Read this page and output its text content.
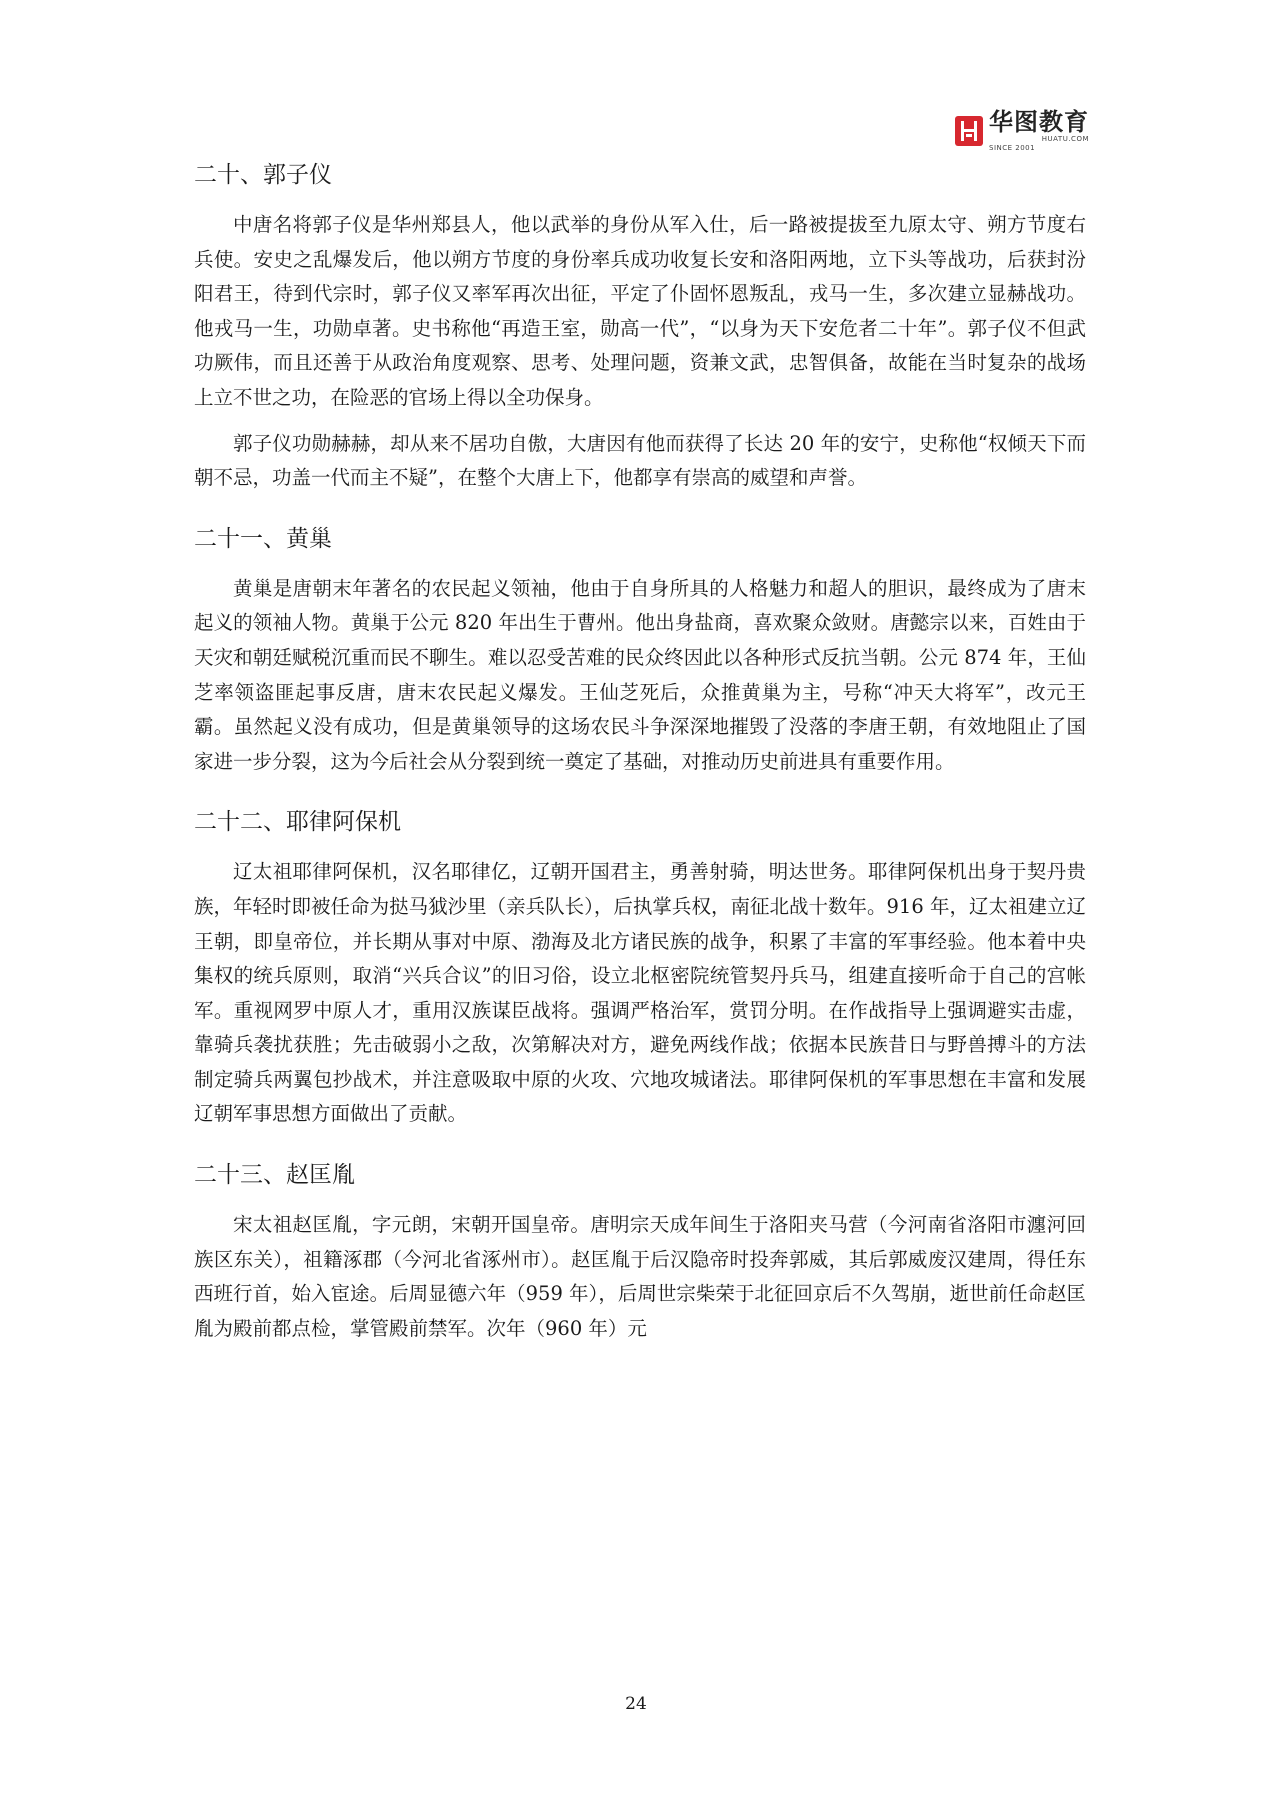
华图教育
HUATU.COM
SINCE 2001
二十、郭子仪

中唐名将郭子仪是华州郑县人，他以武举的身份从军入仕，后一路被提拔至九原太守、朔方节度右兵使。安史之乱爆发后，他以朔方节度的身份率兵成功收复长安和洛阳两地，立下头等战功，后获封汾阳君王，待到代宗时，郭子仪又率军再次出征，平定了仆固怀恩叛乱，戎马一生，多次建立显赫战功。他戎马一生，功勋卓著。史书称他“再造王室，勋高一代”，“以身为天下安危者二十年”。郭子仪不但武功厥伟，而且还善于从政治角度观察、思考、处理问题，资兼文武，忠智俱备，故能在当时复杂的战场上立不世之功，在险恶的官场上得以全功保身。

郭子仪功勋赫赫，却从来不居功自傲，大唐因有他而获得了长达 20 年的安宁，史称他“权倾天下而朝不忌，功盖一代而主不疑”，在整个大唐上下，他都享有崇高的威望和声誉。

二十一、黄巢

黄巢是唐朝末年著名的农民起义领袖，他由于自身所具的人格魅力和超人的胆识，最终成为了唐末起义的领袖人物。黄巢于公元 820 年出生于曹州。他出身盐商，喜欢聚众敛财。唐懿宗以来，百姓由于天灾和朝廷赋税沉重而民不聊生。难以忍受苦难的民众终因此以各种形式反抗当朝。公元 874 年，王仙芝率领盗匪起事反唐，唐末农民起义爆发。王仙芝死后，众推黄巢为主，号称“冲天大将军”，改元王霸。虽然起义没有成功，但是黄巢领导的这场农民斗争深深地摧毁了没落的李唐王朝，有效地阻止了国家进一步分裂，这为今后社会从分裂到统一奠定了基础，对推动历史前进具有重要作用。

二十二、耶律阿保机

辽太祖耶律阿保机，汉名耶律亿，辽朝开国君主，勇善射骑，明达世务。耶律阿保机出身于契丹贵族，年轻时即被任命为挞马狘沙里（亲兵队长），后执掌兵权，南征北战十数年。916 年，辽太祖建立辽王朝，即皇帝位，并长期从事对中原、渤海及北方诸民族的战争，积累了丰富的军事经验。他本着中央集权的统兵原则，取消“兴兵合议”的旧习俗，设立北枢密院统管契丹兵马，组建直接听命于自己的宫帐军。重视网罗中原人才，重用汉族谋臣战将。强调严格治军，赏罚分明。在作战指导上强调避实击虚，靠骑兵袭扰获胜；先击破弱小之敌，次第解决对方，避免两线作战；依据本民族昔日与野兽搏斗的方法制定骑兵两翼包抄战术，并注意吸取中原的火攻、穴地攻城诸法。耶律阿保机的军事思想在丰富和发展辽朝军事思想方面做出了贡献。

二十三、赵匡胤

宋太祖赵匡胤，字元朗，宋朝开国皇帝。唐明宗天成年间生于洛阳夹马营（今河南省洛阳市瀍河回族区东关），祖籍涿郡（今河北省涿州市）。赵匡胤于后汉隐帝时投奔郭威，其后郭威废汉建周，得任东西班行首，始入宦途。后周显德六年（959 年），后周世宗柴荣于北征回京后不久驾崩，逝世前任命赵匡胤为殿前都点检，掌管殿前禁军。次年（960 年）元

24
